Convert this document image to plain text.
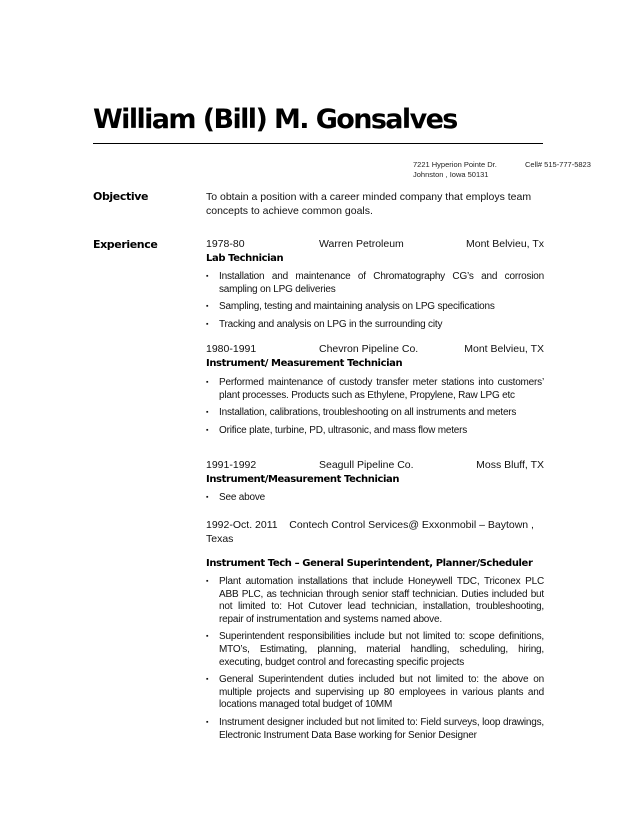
William (Bill) M. Gonsalves
7221 Hyperion Pointe Dr.
Johnston , Iowa 50131
Cell# 515-777-5823
Objective	To obtain a position with a career minded company that employs team concepts to achieve common goals.
Experience	1978-80	Warren Petroleum	Mont Belvieu, Tx
Lab Technician
▪ Installation and maintenance of Chromatography CG’s and corrosion sampling on LPG deliveries
▪ Sampling, testing and maintaining analysis on LPG specifications
▪ Tracking and analysis on LPG in the surrounding city
1980-1991	Chevron Pipeline Co.	Mont Belvieu, TX
Instrument/ Measurement Technician
▪ Performed maintenance of custody transfer meter stations into customers’ plant processes. Products such as Ethylene, Propylene, Raw LPG etc
▪ Installation, calibrations, troubleshooting on all instruments and meters
▪ Orifice plate, turbine, PD, ultrasonic, and mass flow meters
1991-1992	Seagull Pipeline Co.	Moss Bluff, TX
Instrument/Measurement Technician
▪ See above
1992-Oct. 2011    Contech Control Services@ Exxonmobil – Baytown , Texas
Instrument Tech – General Superintendent, Planner/Scheduler
▪ Plant automation installations that include Honeywell TDC, Triconex PLC ABB PLC, as technician through senior staff technician. Duties included but not limited to: Hot Cutover lead technician, installation, troubleshooting, repair of instrumentation and systems named above.
▪ Superintendent responsibilities include but not limited to: scope definitions, MTO’s, Estimating, planning, material handling, scheduling, hiring, executing, budget control and forecasting specific projects
▪ General Superintendent duties included but not limited to: the above on multiple projects and supervising up 80 employees in various plants and locations managed total budget of 10MM
▪ Instrument designer included but not limited to: Field surveys, loop drawings, Electronic Instrument Data Base working for Senior Designer
